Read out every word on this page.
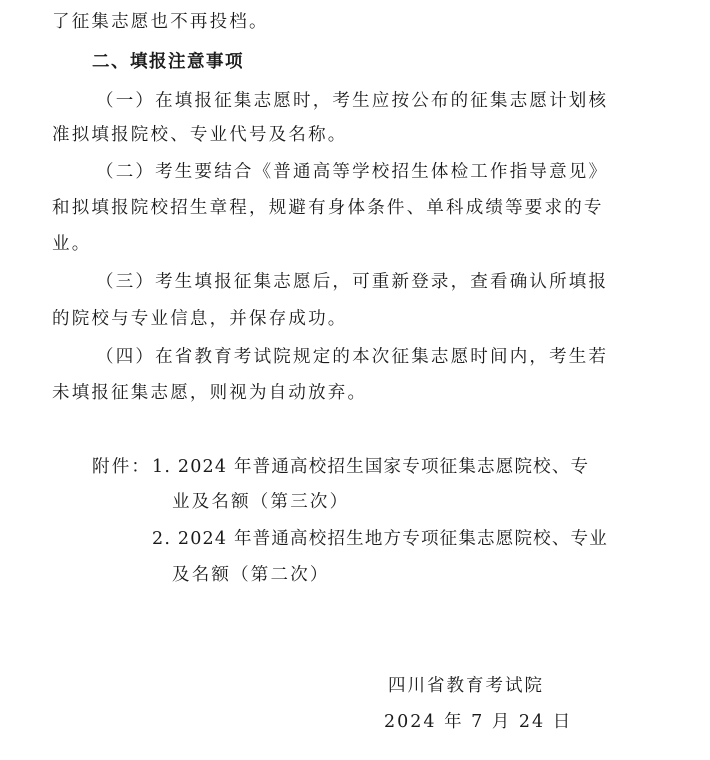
了征集志愿也不再投档。
二、填报注意事项
（一）在填报征集志愿时，考生应按公布的征集志愿计划核
准拟填报院校、专业代号及名称。
（二）考生要结合《普通高等学校招生体检工作指导意见》
和拟填报院校招生章程，规避有身体条件、单科成绩等要求的专
业。
（三）考生填报征集志愿后，可重新登录，查看确认所填报
的院校与专业信息，并保存成功。
（四）在省教育考试院规定的本次征集志愿时间内，考生若
未填报征集志愿，则视为自动放弃。
附件： 1. 2024 年普通高校招生国家专项征集志愿院校、专
业及名额（第三次）
2. 2024 年普通高校招生地方专项征集志愿院校、专业
及名额（第二次）
四川省教育考试院
2024 年 7 月 24 日
